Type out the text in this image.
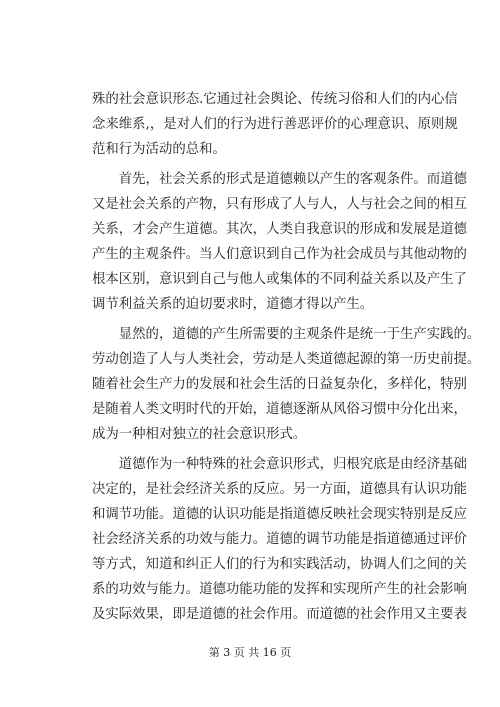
殊的社会意识形态.它通过社会舆论、传统习俗和人们的内心信
念来维系,，是对人们的行为进行善恶评价的心理意识、原则规
范和行为活动的总和。
　　首先，社会关系的形式是道德赖以产生的客观条件。而道德
又是社会关系的产物，只有形成了人与人，人与社会之间的相互
关系，才会产生道德。其次，人类自我意识的形成和发展是道德
产生的主观条件。当人们意识到自己作为社会成员与其他动物的
根本区别，意识到自己与他人或集体的不同利益关系以及产生了
调节利益关系的迫切要求时，道德才得以产生。
　　显然的，道德的产生所需要的主观条件是统一于生产实践的。
劳动创造了人与人类社会，劳动是人类道德起源的第一历史前提。
随着社会生产力的发展和社会生活的日益复杂化，多样化，特别
是随着人类文明时代的开始，道德逐渐从风俗习惯中分化出来，
成为一种相对独立的社会意识形式。
　　道德作为一种特殊的社会意识形式，归根究底是由经济基础
决定的，是社会经济关系的反应。另一方面，道德具有认识功能
和调节功能。道德的认识功能是指道德反映社会现实特别是反应
社会经济关系的功效与能力。道德的调节功能是指道德通过评价
等方式，知道和纠正人们的行为和实践活动，协调人们之间的关
系的功效与能力。道德功能功能的发挥和实现所产生的社会影响
及实际效果，即是道德的社会作用。而道德的社会作用又主要表
第 3 页 共 16 页
